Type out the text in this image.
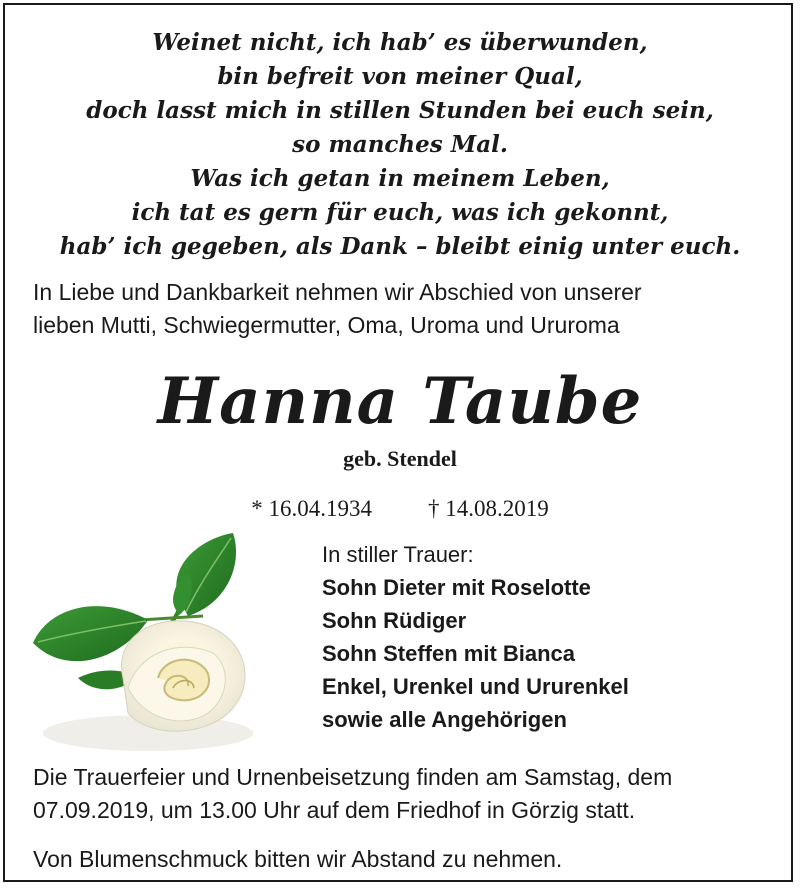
Weinet nicht, ich hab’ es überwunden,
bin befreit von meiner Qual,
doch lasst mich in stillen Stunden bei euch sein,
so manches Mal.
Was ich getan in meinem Leben,
ich tat es gern für euch, was ich gekonnt,
hab’ ich gegeben, als Dank – bleibt einig unter euch.
In Liebe und Dankbarkeit nehmen wir Abschied von unserer
lieben Mutti, Schwiegermutter, Oma, Uroma und Ururoma
Hanna Taube
geb. Stendel
* 16.04.1934 † 14.08.2019
In stiller Trauer:
Sohn Dieter mit Roselotte
Sohn Rüdiger
Sohn Steffen mit Bianca
Enkel, Urenkel und Ururenkel
sowie alle Angehörigen
Die Trauerfeier und Urnenbeisetzung finden am Samstag, dem
07.09.2019, um 13.00 Uhr auf dem Friedhof in Görzig statt.
Von Blumenschmuck bitten wir Abstand zu nehmen.
